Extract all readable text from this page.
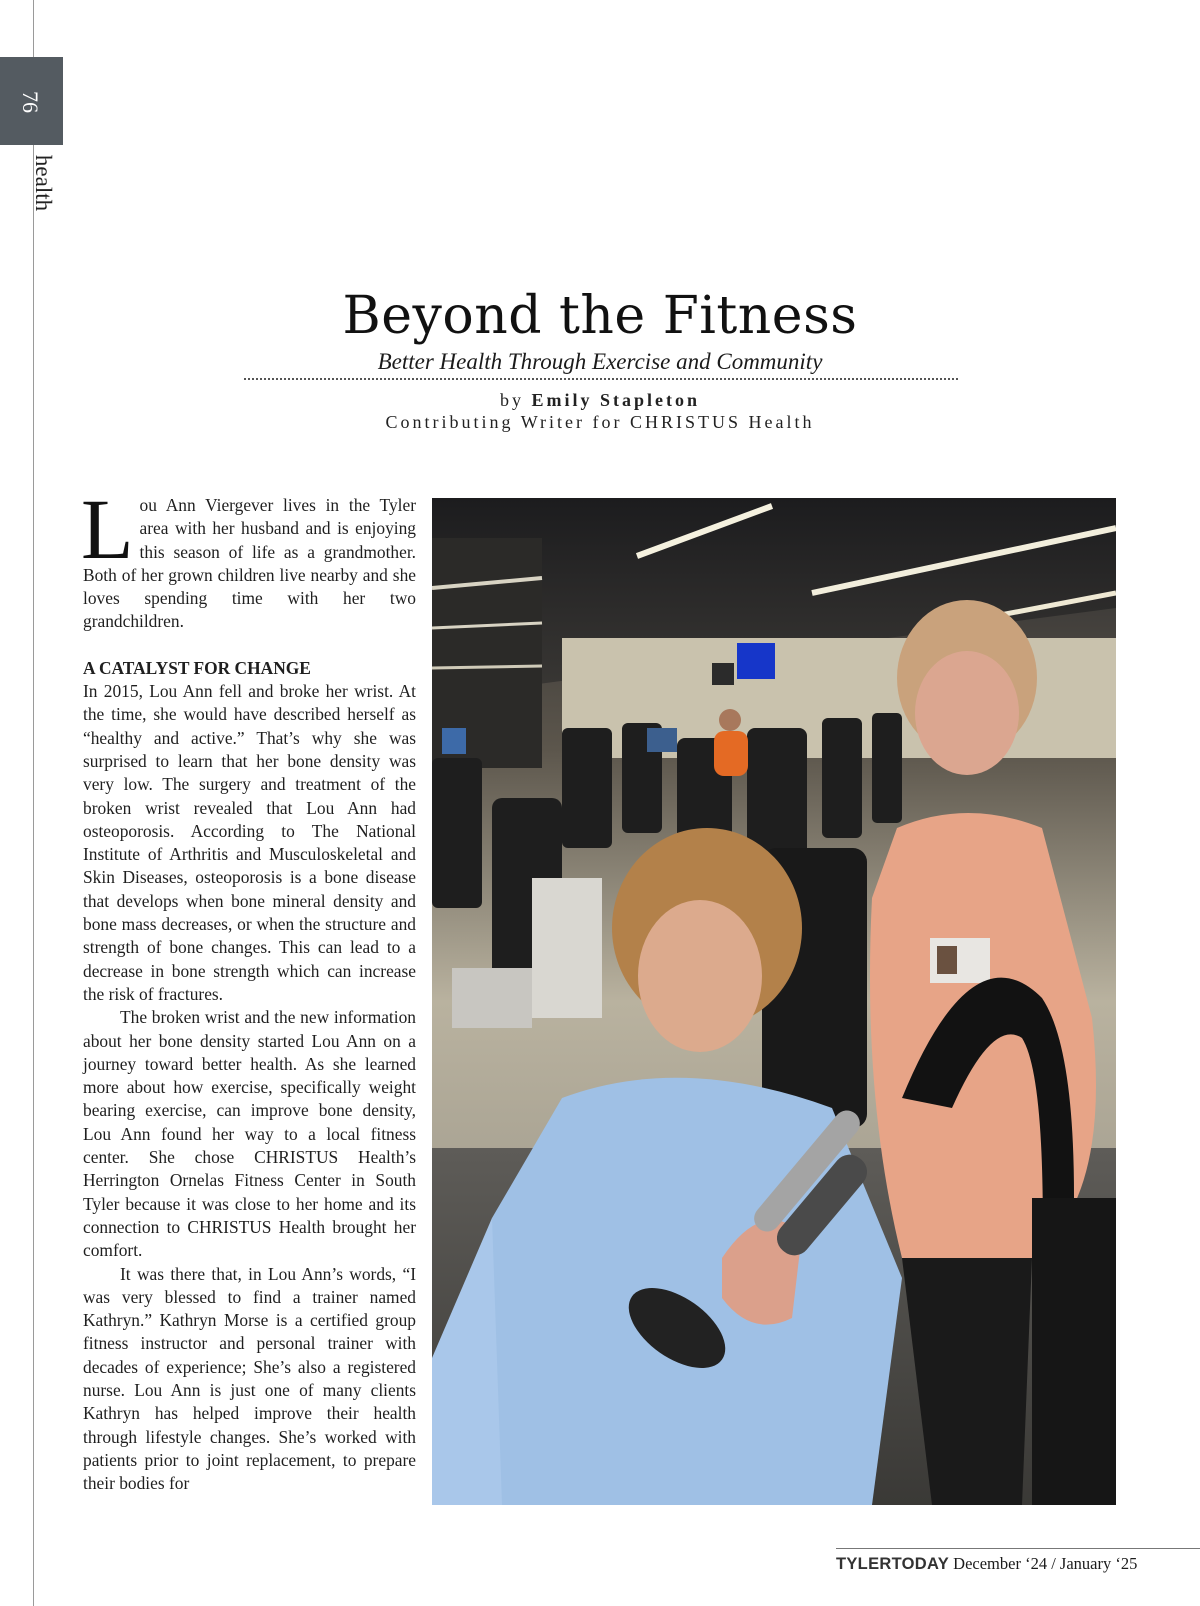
76
health
Beyond the Fitness
Better Health Through Exercise and Community
by Emily Stapleton
Contributing Writer for CHRISTUS Health

Lou Ann Viergever lives in the Tyler area with her husband and is enjoying this season of life as a grandmother. Both of her grown children live nearby and she loves spending time with her two grandchildren.

A CATALYST FOR CHANGE

In 2015, Lou Ann fell and broke her wrist. At the time, she would have described herself as “healthy and active.” That’s why she was surprised to learn that her bone density was very low. The surgery and treatment of the broken wrist revealed that Lou Ann had osteoporosis. According to The National Institute of Arthritis and Musculoskeletal and Skin Diseases, osteoporosis is a bone disease that develops when bone mineral density and bone mass decreases, or when the structure and strength of bone changes. This can lead to a decrease in bone strength which can increase the risk of fractures.

The broken wrist and the new information about her bone density started Lou Ann on a journey toward better health. As she learned more about how exercise, specifically weight bearing exercise, can improve bone density, Lou Ann found her way to a local fitness center. She chose CHRISTUS Health’s Herrington Ornelas Fitness Center in South Tyler because it was close to her home and its connection to CHRISTUS Health brought her comfort.

It was there that, in Lou Ann’s words, “I was very blessed to find a trainer named Kathryn.” Kathryn Morse is a certified group fitness instructor and personal trainer with decades of experience; She’s also a registered nurse. Lou Ann is just one of many clients Kathryn has helped improve their health through lifestyle changes. She’s worked with patients prior to joint replacement, to prepare their bodies for

TYLERTODAY December ‘24 / January ‘25
